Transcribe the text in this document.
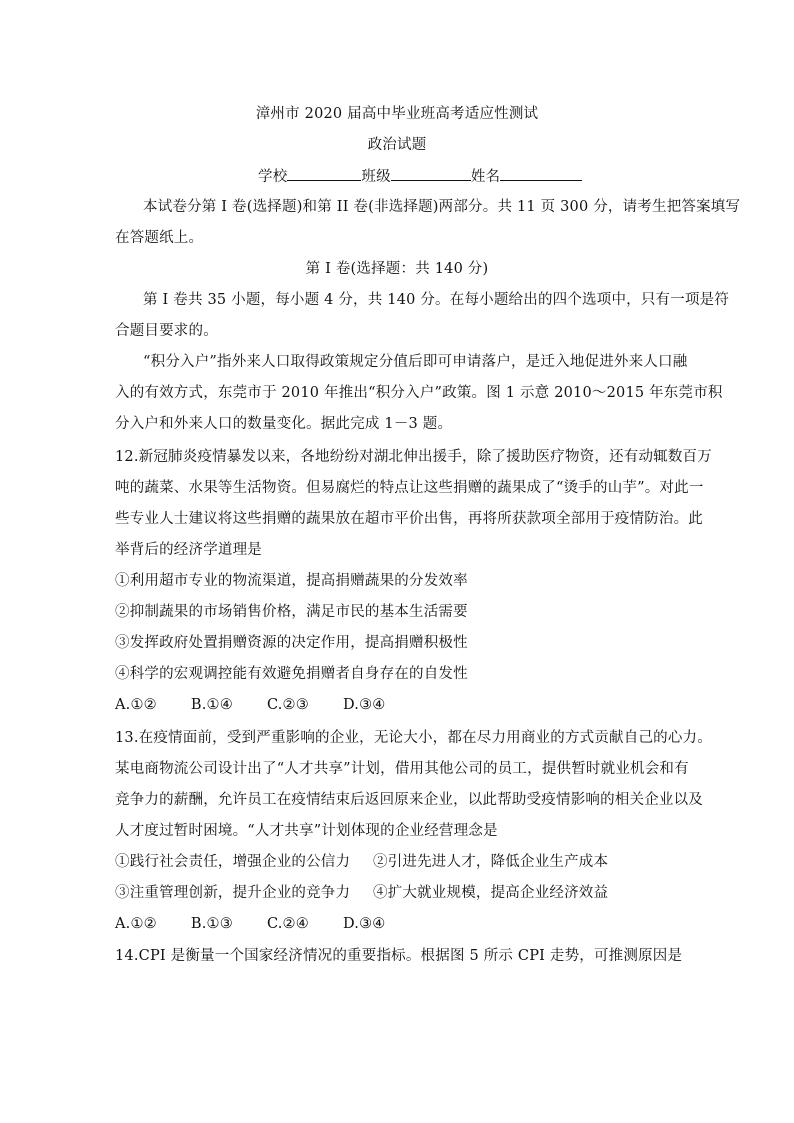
漳州市 2020 届高中毕业班高考适应性测试
政治试题
学校	班级	姓名
本试卷分第 I 卷(选择题)和第 II 卷(非选择题)两部分。共 11 页 300 分，请考生把答案填写
在答题纸上。
第 I 卷(选择题：共 140 分)
第 I 卷共 35 小题，每小题 4 分，共 140 分。在每小题给出的四个选项中，只有一项是符
合题目要求的。
“积分入户”指外来人口取得政策规定分值后即可申请落户，是迁入地促进外来人口融
入的有效方式，东莞市于 2010 年推出“积分入户”政策。图 1 示意 2010～2015 年东莞市积
分入户和外来人口的数量变化。据此完成 1－3 题。
12.新冠肺炎疫情暴发以来，各地纷纷对湖北伸出援手，除了援助医疗物资，还有动辄数百万
吨的蔬菜、水果等生活物资。但易腐烂的特点让这些捐赠的蔬果成了“烫手的山芋”。对此一
些专业人士建议将这些捐赠的蔬果放在超市平价出售，再将所获款项全部用于疫情防治。此
举背后的经济学道理是
①利用超市专业的物流渠道，提高捐赠蔬果的分发效率
②抑制蔬果的市场销售价格，满足市民的基本生活需要
③发挥政府处置捐赠资源的决定作用，提高捐赠积极性
④科学的宏观调控能有效避免捐赠者自身存在的自发性
A.①② B.①④ C.②③ D.③④
13.在疫情面前，受到严重影响的企业，无论大小，都在尽力用商业的方式贡献自己的心力。
某电商物流公司设计出了“人才共享”计划，借用其他公司的员工，提供暂时就业机会和有
竞争力的薪酬，允许员工在疫情结束后返回原来企业，以此帮助受疫情影响的相关企业以及
人才度过暂时困境。“人才共享”计划体现的企业经营理念是
①践行社会责任，增强企业的公信力 ②引进先进人才，降低企业生产成本
③注重管理创新，提升企业的竞争力 ④扩大就业规模，提高企业经济效益
A.①② B.①③ C.②④ D.③④
14.CPI 是衡量一个国家经济情况的重要指标。根据图 5 所示 CPI 走势，可推测原因是
